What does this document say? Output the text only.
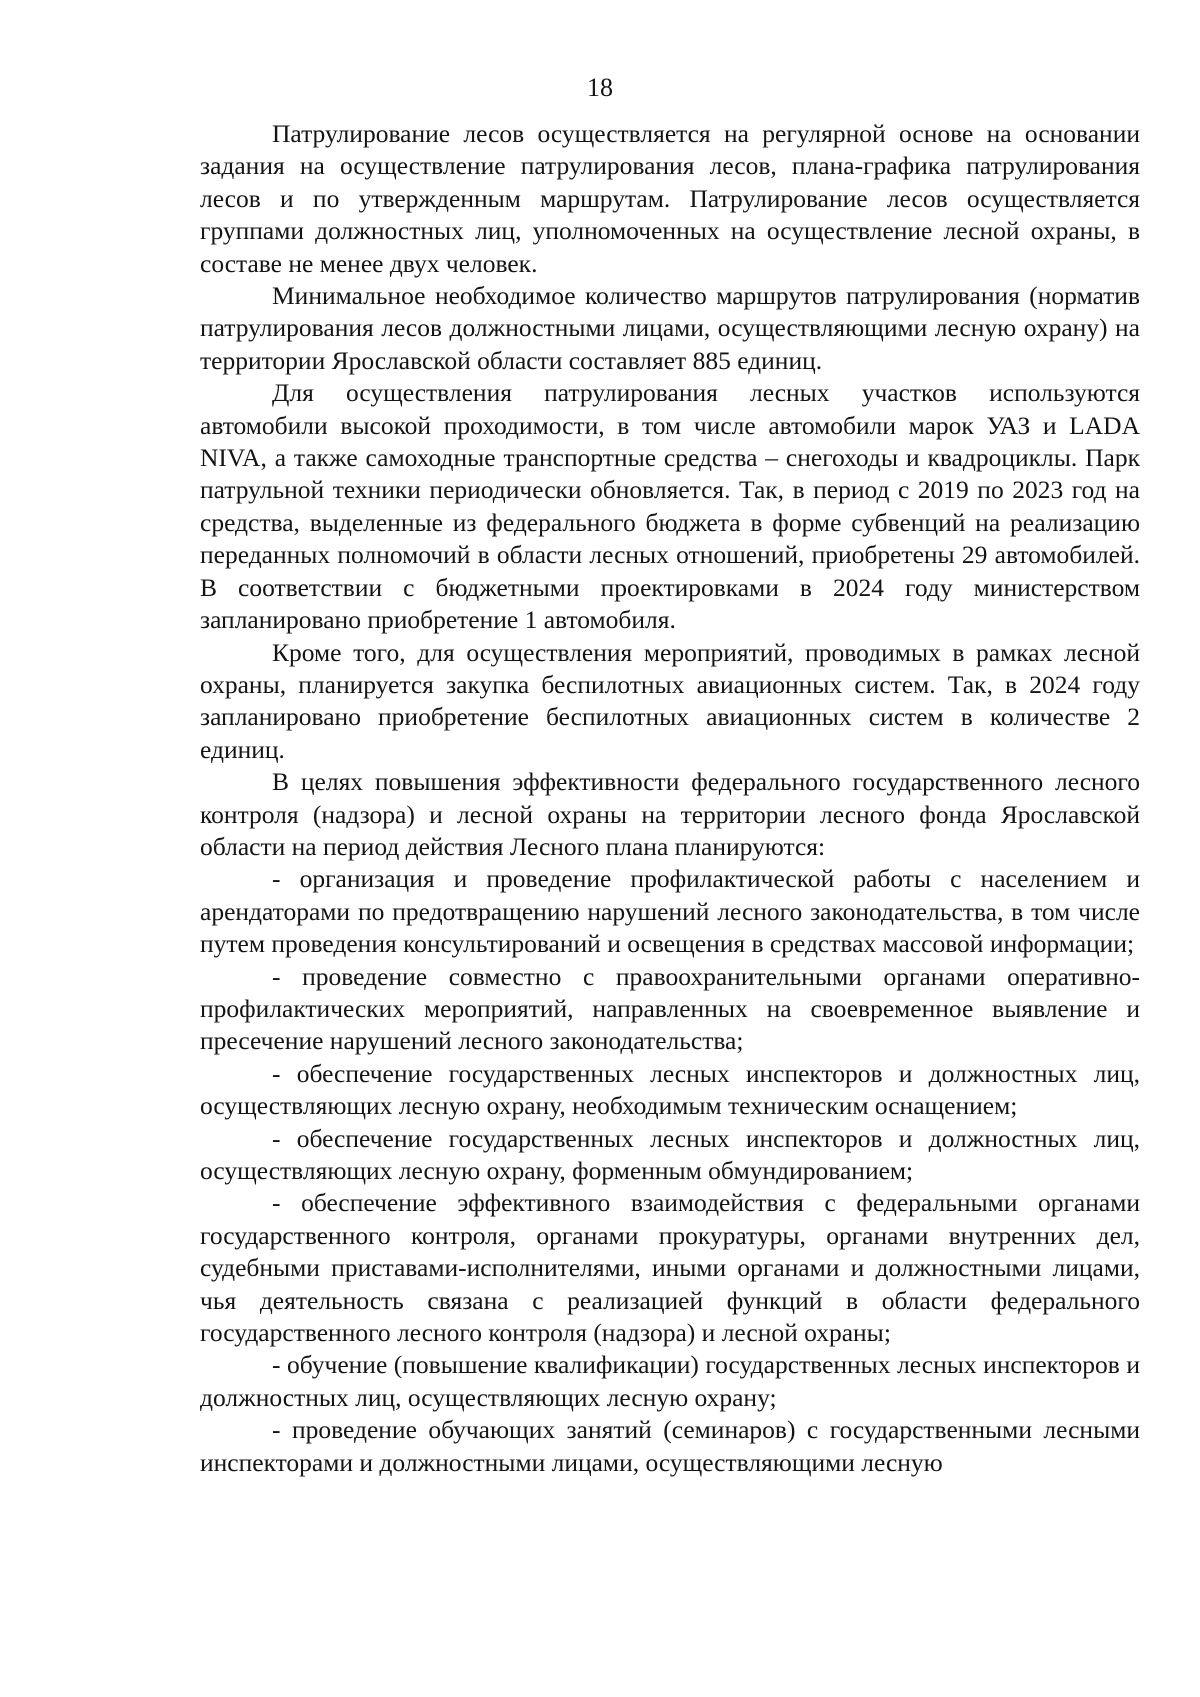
18

Патрулирование лесов осуществляется на регулярной основе на основании задания на осуществление патрулирования лесов, плана-графика патрулирования лесов и по утвержденным маршрутам. Патрулирование лесов осуществляется группами должностных лиц, уполномоченных на осуществление лесной охраны, в составе не менее двух человек.

Минимальное необходимое количество маршрутов патрулирования (норматив патрулирования лесов должностными лицами, осуществляющими лесную охрану) на территории Ярославской области составляет 885 единиц.

Для осуществления патрулирования лесных участков используются автомобили высокой проходимости, в том числе автомобили марок УАЗ и LADA NIVA, а также самоходные транспортные средства – снегоходы и квадроциклы. Парк патрульной техники периодически обновляется. Так, в период с 2019 по 2023 год на средства, выделенные из федерального бюджета в форме субвенций на реализацию переданных полномочий в области лесных отношений, приобретены 29 автомобилей. В соответствии с бюджетными проектировками в 2024 году министерством запланировано приобретение 1 автомобиля.

Кроме того, для осуществления мероприятий, проводимых в рамках лесной охраны, планируется закупка беспилотных авиационных систем. Так, в 2024 году запланировано приобретение беспилотных авиационных систем в количестве 2 единиц.

В целях повышения эффективности федерального государственного лесного контроля (надзора) и лесной охраны на территории лесного фонда Ярославской области на период действия Лесного плана планируются:

- организация и проведение профилактической работы с населением и арендаторами по предотвращению нарушений лесного законодательства, в том числе путем проведения консультирований и освещения в средствах массовой информации;

- проведение совместно с правоохранительными органами оперативно-профилактических мероприятий, направленных на своевременное выявление и пресечение нарушений лесного законодательства;

- обеспечение государственных лесных инспекторов и должностных лиц, осуществляющих лесную охрану, необходимым техническим оснащением;

- обеспечение государственных лесных инспекторов и должностных лиц, осуществляющих лесную охрану, форменным обмундированием;

- обеспечение эффективного взаимодействия с федеральными органами государственного контроля, органами прокуратуры, органами внутренних дел, судебными приставами-исполнителями, иными органами и должностными лицами, чья деятельность связана с реализацией функций в области федерального государственного лесного контроля (надзора) и лесной охраны;

- обучение (повышение квалификации) государственных лесных инспекторов и должностных лиц, осуществляющих лесную охрану;

- проведение обучающих занятий (семинаров) с государственными лесными инспекторами и должностными лицами, осуществляющими лесную
